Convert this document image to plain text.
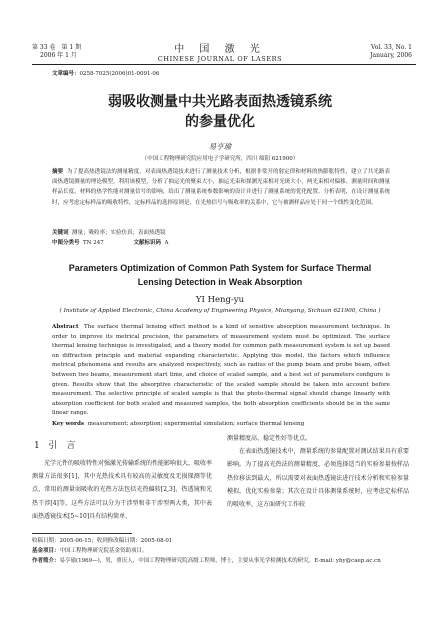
第 33 卷　第 1 期
2006 年 1 月	中 国 激 光
CHINESE JOURNAL OF LASERS
Vol. 33, No. 1
January, 2006
文章编号：0258-7025(2006)01-0091-06
弱吸收测量中共光路表面热透镜系统
的参量优化
易亨瑜
（中国工程物理研究院应用电子学研究所，四川 绵阳 621900）
摘要 为了提高热透镜法的测量精度，对表面热透镜技术进行了测量技术分析，根据非常开的射定律和材料的热膨胀特性，建立了共光路表面热透镜测量的理论模型。利用该模型，分析了抽运光的聚束大小，抽运光束和探测光束相对光斑大小，两光束相对偏移、测量时间和测量样品长度、材料的热学性能对测量信号的影响，给出了测量系统参数影响的设计并进行了测量系统的优化配置。分析表明，在设计测量系统时，应考虑定标样品的吸收特性，定标样品的选择原则是，在光热信号与吸收率的关系中，它与被测样品应处于同一个线性变化范围。
关键词 测量；吸收率；实验仿真；表面热透镜
中图分类号 TN 247	文献标识码 A
Parameters Optimization of Common Path System for Surface Thermal
Lensing Detection in Weak Absorption
YI Heng-yu
( Institute of Applied Electronic, China Academy of Engineering Physics, Mianyang, Sichuan 621900, China )
Abstract The surface thermal lensing effect method is a kind of sensitive absorption measurement technique. In order to improve its metrical precision, the parameters of measurement system must be optimized. The surface thermal lensing technique is investigated, and a theory model for common path measurement system is set up based on diffraction principle and material expanding characteristic. Applying this model, the factors which influence metrical phenomena and results are analyzed respectively, such as radius of the pump beam and probe beam, offset between two beams, measurement start time, and choice of scaled sample, and a best set of parameters configure is given. Results show that the absorptive characteristic of the scaled sample should be taken into account before measurement. The selective principle of scaled sample is that the photo-thermal signal should change linearly with absorption coefficient for both scaled and measured samples, the both absorption coefficients should be in the same linear range.
Key words measurement; absorption; experimental simulation; surface thermal lensing
1 引　言
光学元件的吸收特性对强激光传输系统的性能影响很大，吸收率测量方法很多[1]，其中光热技术具有较高的灵敏度及无损探测等优点，常用的测量弱吸收的光热方法包括光热偏转[2,3]，热透镜和光热干涉[4]等，这些方法可以分为干涉型和非干涉型两大类，其中表面热透镜技术[5~10]具有结构简单、
测量精度高、稳定性好等优点。

在表面热透镜技术中，测量系统的参量配置对测试结果具有重要影响。为了提高光热法的测量精度，必须选择适当的实验参量按样品热位移法到最大，所以需要对表面热透镜法进行技术分析和实验参量模拟。优化实验参量；其次在设计具体测量系统时，应考虑定标样品的吸收率，这方面研究工作较

收稿日期：2005-06-15；收到修改稿日期：2005-08-01
基金项目：中国工程物理研究院基金资助项目。
作者简介：易亨瑜(1969—)，男，重庆人，中国工程物理研究院高级工程师，博士，主要从事光学检测技术的研究。E-mail: yhy@caep.ac.cn
